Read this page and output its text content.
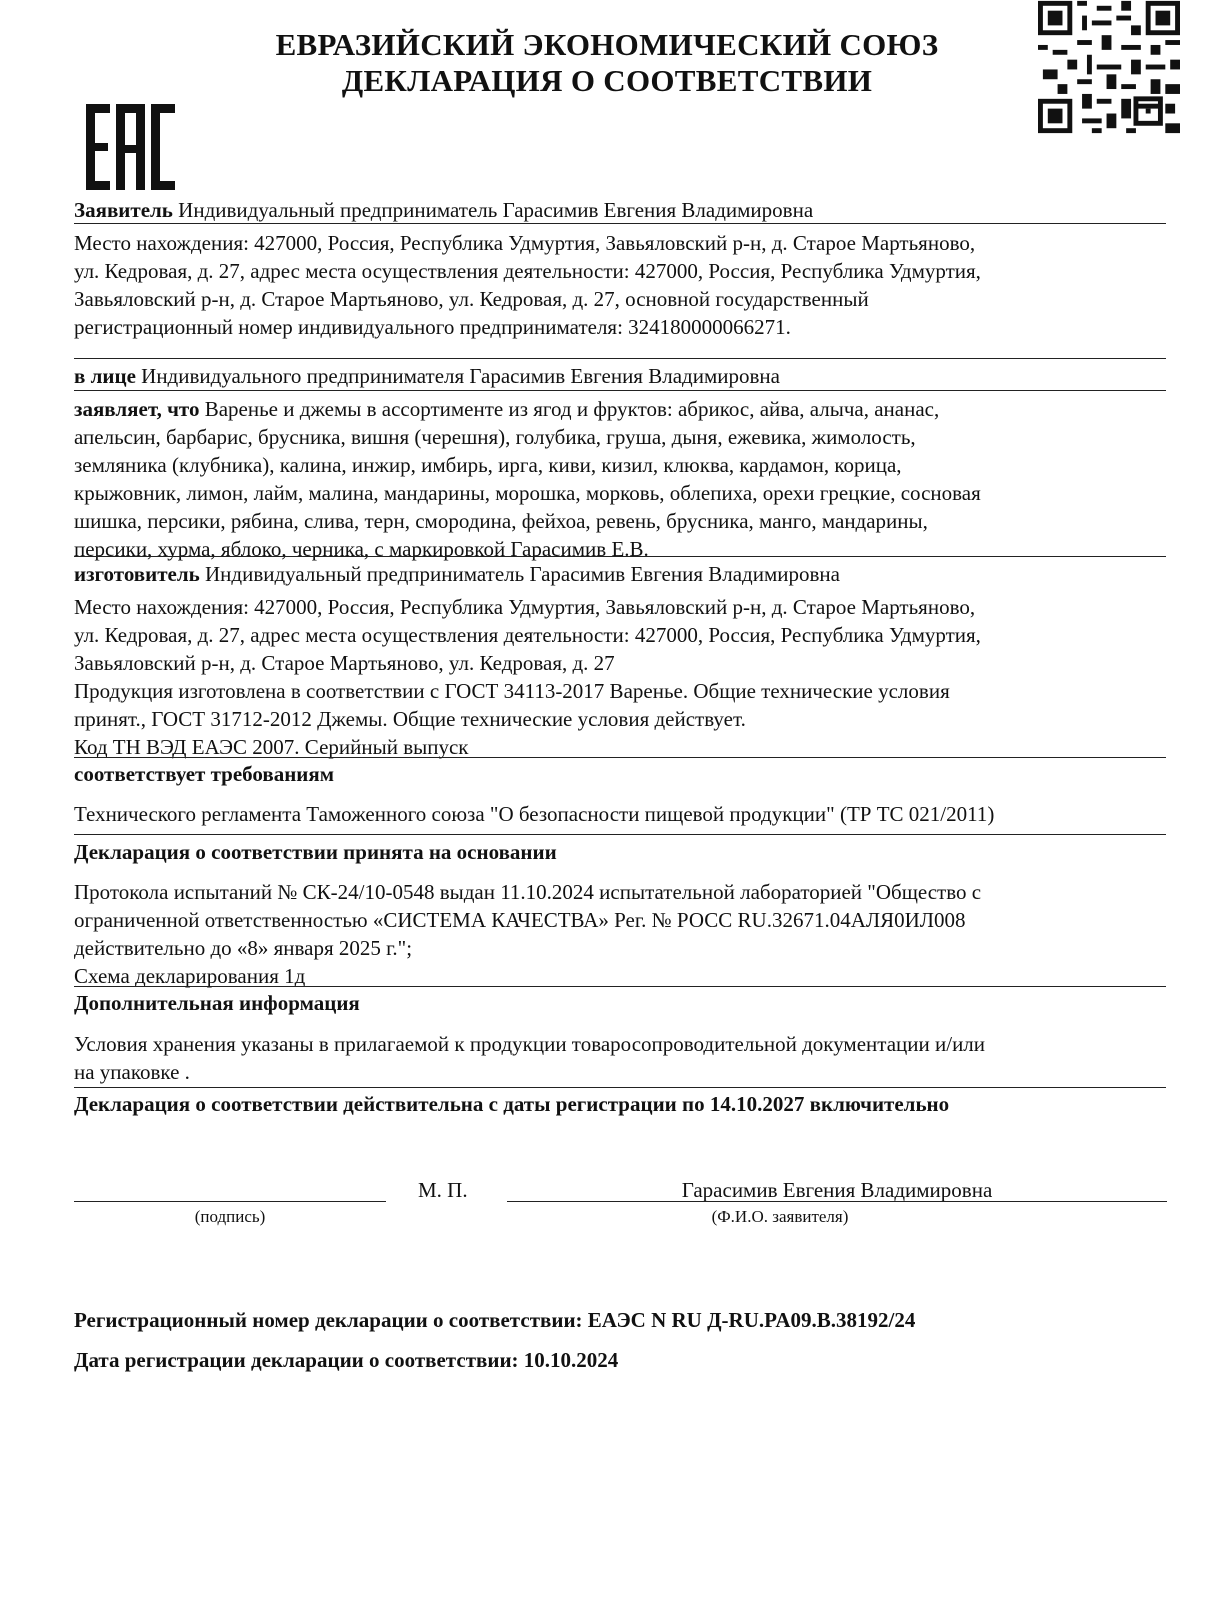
ЕВРАЗИЙСКИЙ ЭКОНОМИЧЕСКИЙ СОЮЗ
ДЕКЛАРАЦИЯ О СООТВЕТСТВИИ
Заявитель Индивидуальный предприниматель Гарасимив Евгения Владимировна
Место нахождения: 427000, Россия, Республика Удмуртия, Завьяловский р-н, д. Старое Мартьяново,
ул. Кедровая, д. 27, адрес места осуществления деятельности: 427000, Россия, Республика Удмуртия,
Завьяловский р-н, д. Старое Мартьяново, ул. Кедровая, д. 27, основной государственный
регистрационный номер индивидуального предпринимателя: 324180000066271.
в лице Индивидуального предпринимателя Гарасимив Евгения Владимировна
заявляет, что Варенье и джемы в ассортименте из ягод и фруктов: абрикос, айва, алыча, ананас,
апельсин, барбарис, брусника, вишня (черешня), голубика, груша, дыня, ежевика, жимолость,
земляника (клубника), калина, инжир, имбирь, ирга, киви, кизил, клюква, кардамон, корица,
крыжовник, лимон, лайм, малина, мандарины, морошка, морковь, облепиха, орехи грецкие, сосновая
шишка, персики, рябина, слива, терн, смородина, фейхоа, ревень, брусника, манго, мандарины,
персики, хурма, яблоко, черника, с маркировкой Гарасимив Е.В.
изготовитель Индивидуальный предприниматель Гарасимив Евгения Владимировна
Место нахождения: 427000, Россия, Республика Удмуртия, Завьяловский р-н, д. Старое Мартьяново,
ул. Кедровая, д. 27, адрес места осуществления деятельности: 427000, Россия, Республика Удмуртия,
Завьяловский р-н, д. Старое Мартьяново, ул. Кедровая, д. 27
Продукция изготовлена в соответствии с ГОСТ 34113-2017 Варенье. Общие технические условия
принят., ГОСТ 31712-2012 Джемы. Общие технические условия действует.
Код ТН ВЭД ЕАЭС 2007. Серийный выпуск
соответствует требованиям
Технического регламента Таможенного союза "О безопасности пищевой продукции" (ТР ТС 021/2011)
Декларация о соответствии принята на основании
Протокола испытаний № СК-24/10-0548 выдан 11.10.2024 испытательной лабораторией "Общество с
ограниченной ответственностью «СИСТЕМА КАЧЕСТВА» Рег. № РОСС RU.32671.04АЛЯ0ИЛ008
действительно до «8» января 2025 г.";
Схема декларирования 1д
Дополнительная информация
Условия хранения указаны в прилагаемой к продукции товаросопроводительной документации и/или
на упаковке .
Декларация о соответствии действительна с даты регистрации по 14.10.2027 включительно
М. П.	Гарасимив Евгения Владимировна
(подпись)	(Ф.И.О. заявителя)
Регистрационный номер декларации о соответствии: ЕАЭС N RU Д-RU.PA09.B.38192/24
Дата регистрации декларации о соответствии: 10.10.2024
